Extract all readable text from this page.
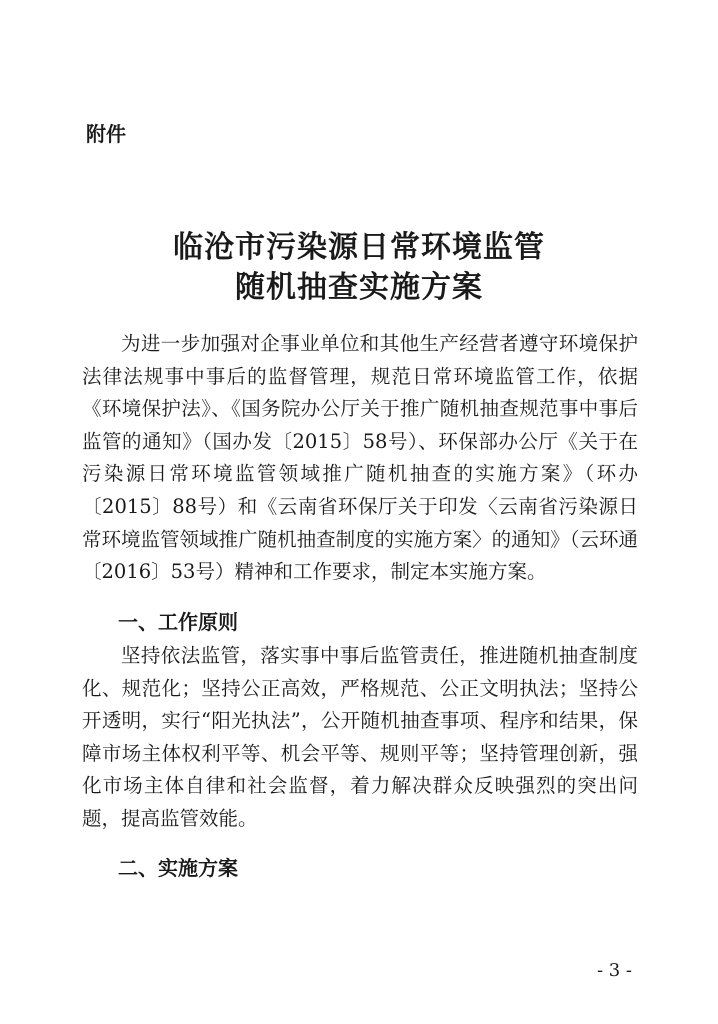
附件
临沧市污染源日常环境监管
随机抽查实施方案
为进一步加强对企事业单位和其他生产经营者遵守环境保护法律法规事中事后的监督管理，规范日常环境监管工作，依据《环境保护法》、《国务院办公厅关于推广随机抽查规范事中事后监管的通知》（国办发〔2015〕58号）、环保部办公厅《关于在污染源日常环境监管领域推广随机抽查的实施方案》（环办〔2015〕88号）和《云南省环保厅关于印发〈云南省污染源日常环境监管领域推广随机抽查制度的实施方案〉的通知》（云环通〔2016〕53号）精神和工作要求，制定本实施方案。
一、工作原则
坚持依法监管，落实事中事后监管责任，推进随机抽查制度化、规范化；坚持公正高效，严格规范、公正文明执法；坚持公开透明，实行“阳光执法”，公开随机抽查事项、程序和结果，保障市场主体权利平等、机会平等、规则平等；坚持管理创新，强化市场主体自律和社会监督，着力解决群众反映强烈的突出问题，提高监管效能。
二、实施方案
- 3 -
